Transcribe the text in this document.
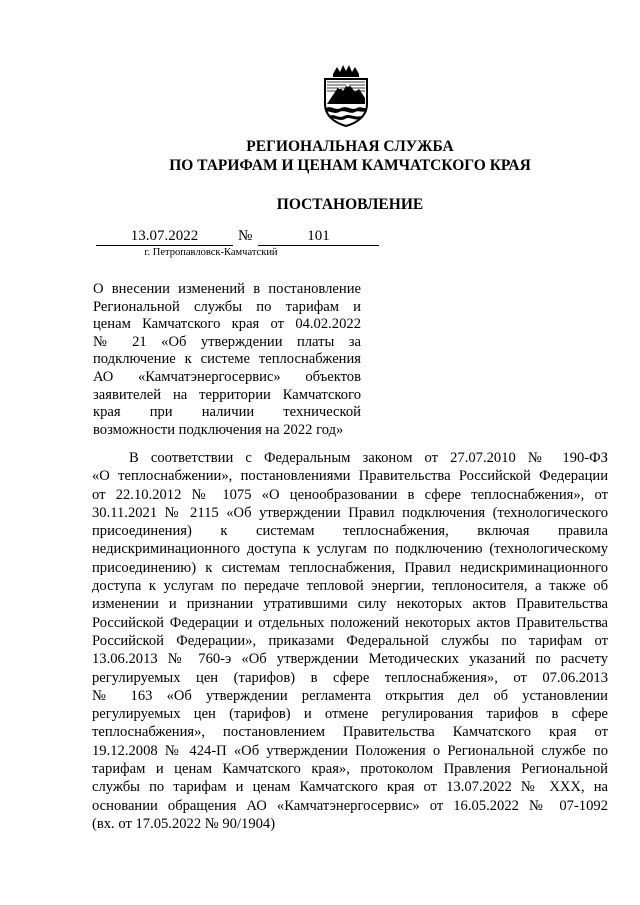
РЕГИОНАЛЬНАЯ СЛУЖБА
ПО ТАРИФАМ И ЦЕНАМ КАМЧАТСКОГО КРАЯ
ПОСТАНОВЛЕНИЕ
13.07.2022	№	101
г. Петропавловск-Камчатский
О внесении изменений в постановление
Региональной службы по тарифам и
ценам Камчатского края от 04.02.2022
№ 21 «Об утверждении платы за
подключение к системе теплоснабжения
АО «Камчатэнергосервис» объектов
заявителей на территории Камчатского
края при наличии технической
возможности подключения на 2022 год»
В соответствии с Федеральным законом от 27.07.2010 № 190-ФЗ
«О теплоснабжении», постановлениями Правительства Российской Федерации
от 22.10.2012 № 1075 «О ценообразовании в сфере теплоснабжения», от
30.11.2021 № 2115 «Об утверждении Правил подключения (технологического
присоединения) к системам теплоснабжения, включая правила
недискриминационного доступа к услугам по подключению (технологическому
присоединению) к системам теплоснабжения, Правил недискриминационного
доступа к услугам по передаче тепловой энергии, теплоносителя, а также об
изменении и признании утратившими силу некоторых актов Правительства
Российской Федерации и отдельных положений некоторых актов Правительства
Российской Федерации», приказами Федеральной службы по тарифам от
13.06.2013 № 760-э «Об утверждении Методических указаний по расчету
регулируемых цен (тарифов) в сфере теплоснабжения», от 07.06.2013
№ 163 «Об утверждении регламента открытия дел об установлении
регулируемых цен (тарифов) и отмене регулирования тарифов в сфере
теплоснабжения», постановлением Правительства Камчатского края от
19.12.2008 № 424-П «Об утверждении Положения о Региональной службе по
тарифам и ценам Камчатского края», протоколом Правления Региональной
службы по тарифам и ценам Камчатского края от 13.07.2022 № XXX, на
основании обращения АО «Камчатэнергосервис» от 16.05.2022 № 07-1092
(вх. от 17.05.2022 № 90/1904)
